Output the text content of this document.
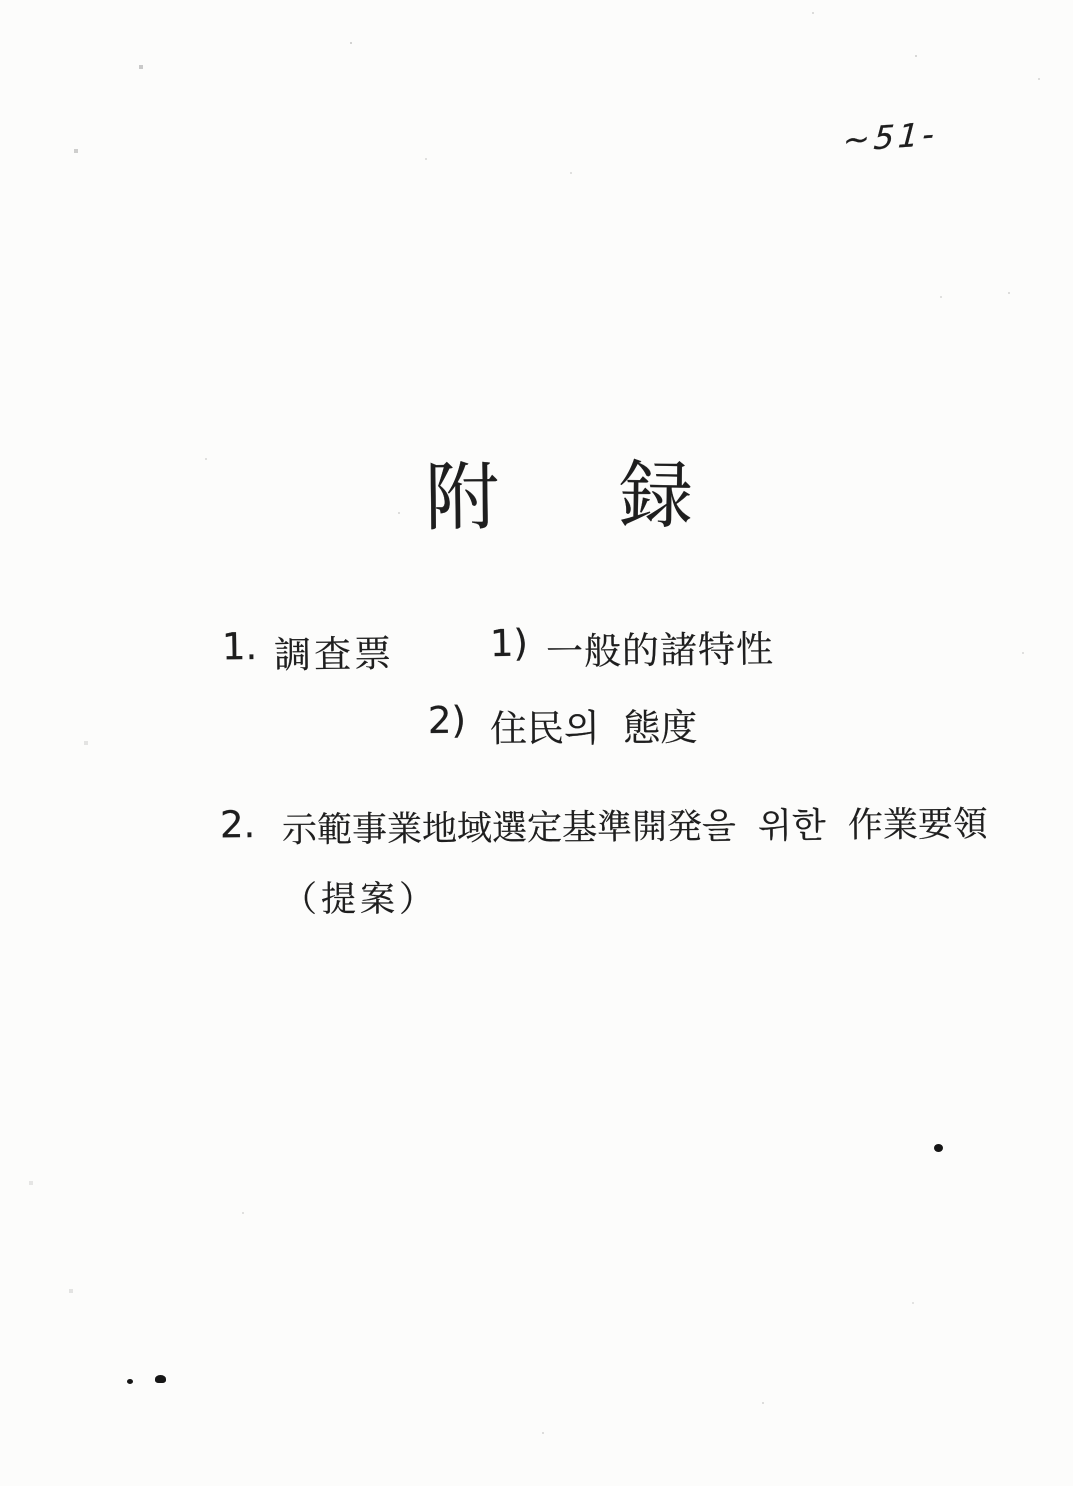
~51-
附 録
1. 調査票	1) 一般的諸特性
2) 住民의  態度
2. 示範事業地域選定基準開発을  위한  作業要領
（提案）
